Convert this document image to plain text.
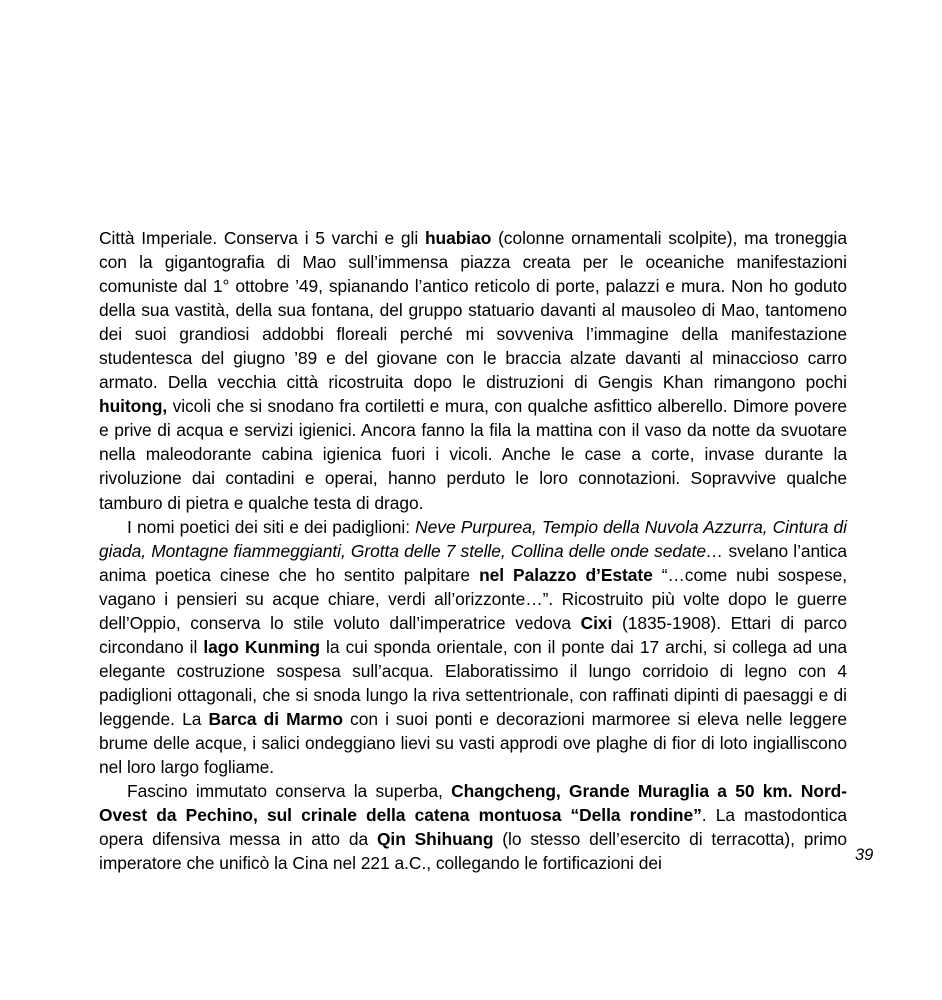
Città Imperiale. Conserva i 5 varchi e gli huabiao (colonne ornamentali scolpite), ma troneggia con la gigantografia di Mao sull’immensa piazza creata per le oceaniche manifestazioni comuniste dal 1° ottobre ’49, spianando l’antico reticolo di porte, palazzi e mura. Non ho goduto della sua vastità, della sua fontana, del gruppo statuario davanti al mausoleo di Mao, tantomeno dei suoi grandiosi addobbi floreali perché mi sovveniva l’immagine della manifestazione studentesca del giugno ’89 e del giovane con le braccia alzate davanti al minaccioso carro armato. Della vecchia città ricostruita dopo le distruzioni di Gengis Khan rimangono pochi huitong, vicoli che si snodano fra cortiletti e mura, con qualche asfittico alberello. Dimore povere e prive di acqua e servizi igienici. Ancora fanno la fila la mattina con il vaso da notte da svuotare nella maleodorante cabina igienica fuori i vicoli. Anche le case a corte, invase durante la rivoluzione dai contadini e operai, hanno perduto le loro connotazioni. Sopravvive qualche tamburo di pietra e qualche testa di drago.

I nomi poetici dei siti e dei padiglioni: Neve Purpurea, Tempio della Nuvola Azzurra, Cintura di giada, Montagne fiammeggianti, Grotta delle 7 stelle, Collina delle onde sedate… svelano l’antica anima poetica cinese che ho sentito palpitare nel Palazzo d’Estate “…come nubi sospese, vagano i pensieri su acque chiare, verdi all’orizzonte…”. Ricostruito più volte dopo le guerre dell’Oppio, conserva lo stile voluto dall’imperatrice vedova Cixi (1835-1908). Ettari di parco circondano il lago Kunming la cui sponda orientale, con il ponte dai 17 archi, si collega ad una elegante costruzione sospesa sull’acqua. Elaboratissimo il lungo corridoio di legno con 4 padiglioni ottagonali, che si snoda lungo la riva settentrionale, con raffinati dipinti di paesaggi e di leggende. La Barca di Marmo con i suoi ponti e decorazioni marmoree si eleva nelle leggere brume delle acque, i salici ondeggiano lievi su vasti approdi ove plaghe di fior di loto ingialliscono nel loro largo fogliame.

Fascino immutato conserva la superba, Changcheng, Grande Muraglia a 50 km. Nord-Ovest da Pechino, sul crinale della catena montuosa “Della rondine”. La mastodontica opera difensiva messa in atto da Qin Shihuang (lo stesso dell’esercito di terracotta), primo imperatore che unificò la Cina nel 221 a.C., collegando le fortificazioni dei	39
